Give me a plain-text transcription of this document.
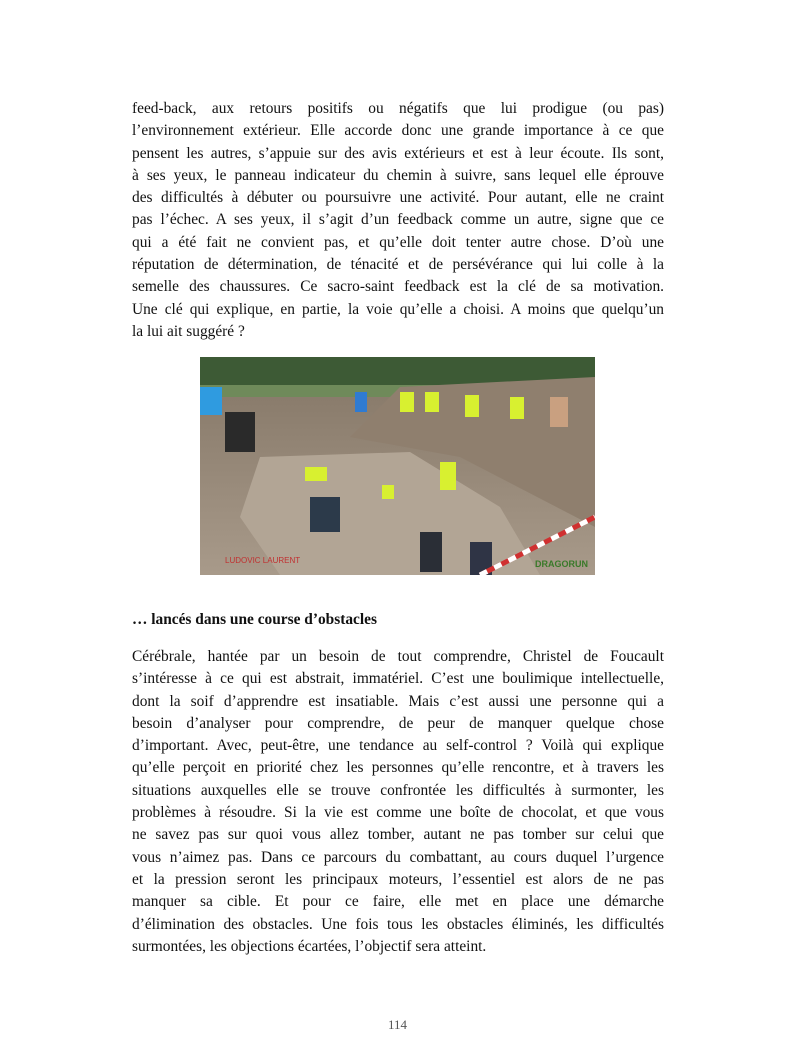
feed-back, aux retours positifs ou négatifs que lui prodigue (ou pas)
l’environnement extérieur. Elle accorde donc une grande importance à ce que
pensent les autres, s’appuie sur des avis extérieurs et est à leur écoute. Ils sont,
à ses yeux, le panneau indicateur du chemin à suivre, sans lequel elle éprouve
des difficultés à débuter ou poursuivre une activité. Pour autant, elle ne craint
pas l’échec. A ses yeux, il s’agit d’un feedback comme un autre, signe que ce
qui a été fait ne convient pas, et qu’elle doit tenter autre chose. D’où une
réputation de détermination, de ténacité et de persévérance qui lui colle à la
semelle des chaussures. Ce sacro-saint feedback est la clé de sa motivation.
Une clé qui explique, en partie, la voie qu’elle a choisi. A moins que quelqu’un
la lui ait suggéré ?
LUDOVIC LAURENT	DRAGORUN

… lancés dans une course d’obstacles

Cérébrale, hantée par un besoin de tout comprendre, Christel de Foucault
s’intéresse à ce qui est abstrait, immatériel. C’est une boulimique intellectuelle,
dont la soif d’apprendre est insatiable. Mais c’est aussi une personne qui a
besoin d’analyser pour comprendre, de peur de manquer quelque chose
d’important. Avec, peut-être, une tendance au self-control ? Voilà qui explique
qu’elle perçoit en priorité chez les personnes qu’elle rencontre, et à travers les
situations auxquelles elle se trouve confrontée les difficultés à surmonter, les
problèmes à résoudre. Si la vie est comme une boîte de chocolat, et que vous
ne savez pas sur quoi vous allez tomber, autant ne pas tomber sur celui que
vous n’aimez pas. Dans ce parcours du combattant, au cours duquel l’urgence
et la pression seront les principaux moteurs, l’essentiel est alors de ne pas
manquer sa cible. Et pour ce faire, elle met en place une démarche
d’élimination des obstacles. Une fois tous les obstacles éliminés, les difficultés
surmontées, les objections écartées, l’objectif sera atteint.
114
